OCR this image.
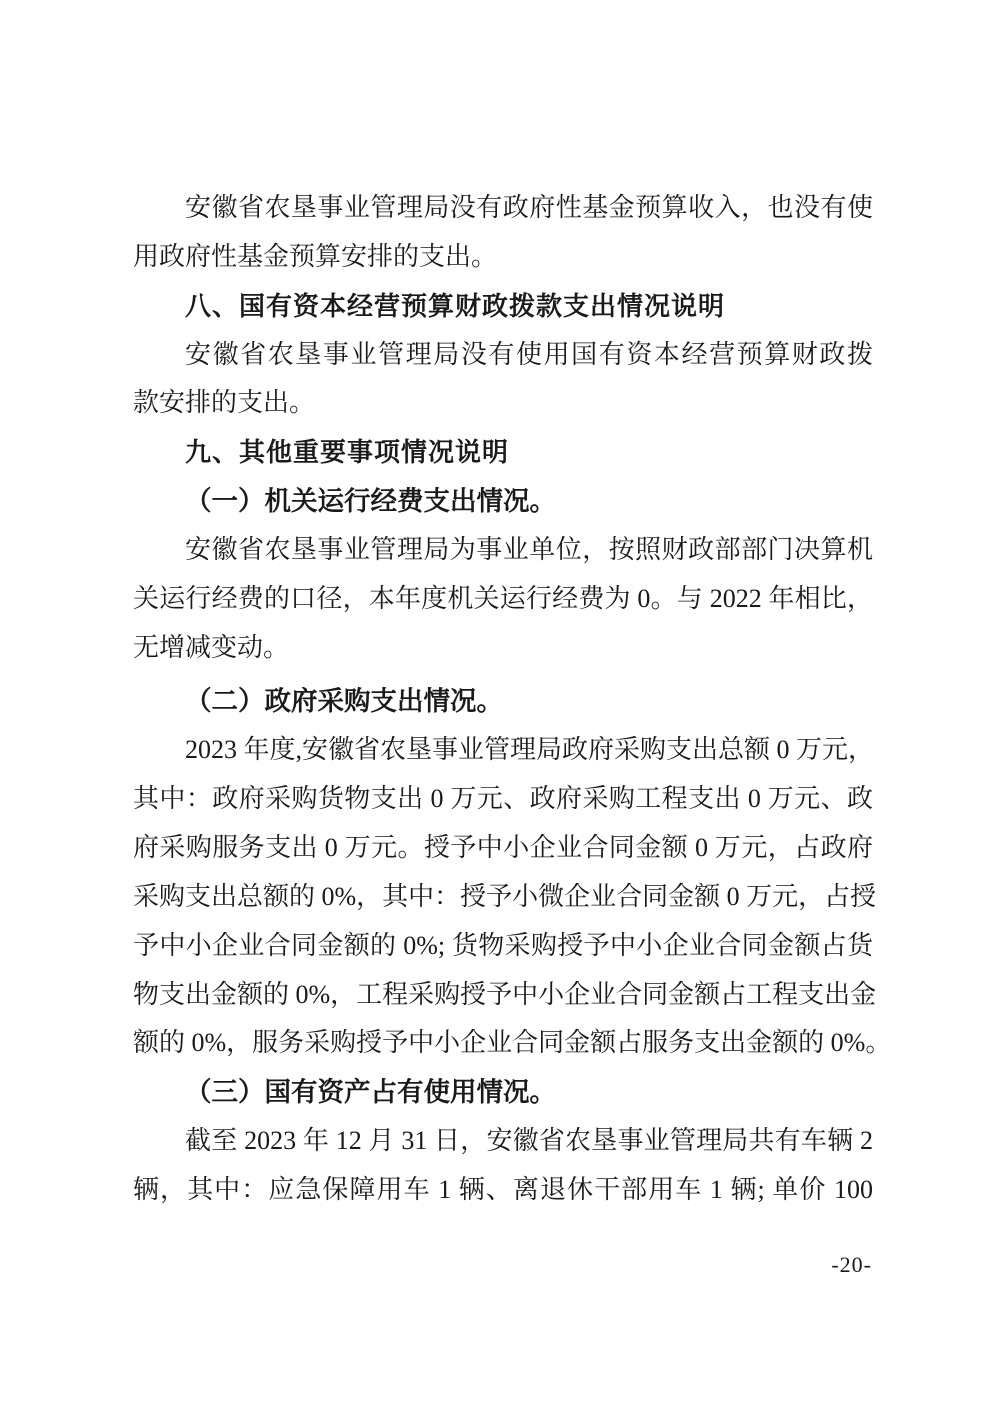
安徽省农垦事业管理局没有政府性基金预算收入，也没有使
用政府性基金预算安排的支出。
八、国有资本经营预算财政拨款支出情况说明
安徽省农垦事业管理局没有使用国有资本经营预算财政拨
款安排的支出。
九、其他重要事项情况说明
（一）机关运行经费支出情况。
安徽省农垦事业管理局为事业单位，按照财政部部门决算机
关运行经费的口径，本年度机关运行经费为 0。与 2022 年相比，
无增减变动。
（二）政府采购支出情况。
2023 年度,安徽省农垦事业管理局政府采购支出总额 0 万元，
其中：政府采购货物支出 0 万元、政府采购工程支出 0 万元、政
府采购服务支出 0 万元。授予中小企业合同金额 0 万元，占政府
采购支出总额的 0%，其中：授予小微企业合同金额 0 万元，占授
予中小企业合同金额的 0%; 货物采购授予中小企业合同金额占货
物支出金额的 0%，工程采购授予中小企业合同金额占工程支出金
额的 0%，服务采购授予中小企业合同金额占服务支出金额的 0%。
（三）国有资产占有使用情况。
截至 2023 年 12 月 31 日，安徽省农垦事业管理局共有车辆 2
辆，其中：应急保障用车 1 辆、离退休干部用车 1 辆; 单价 100
-20-
